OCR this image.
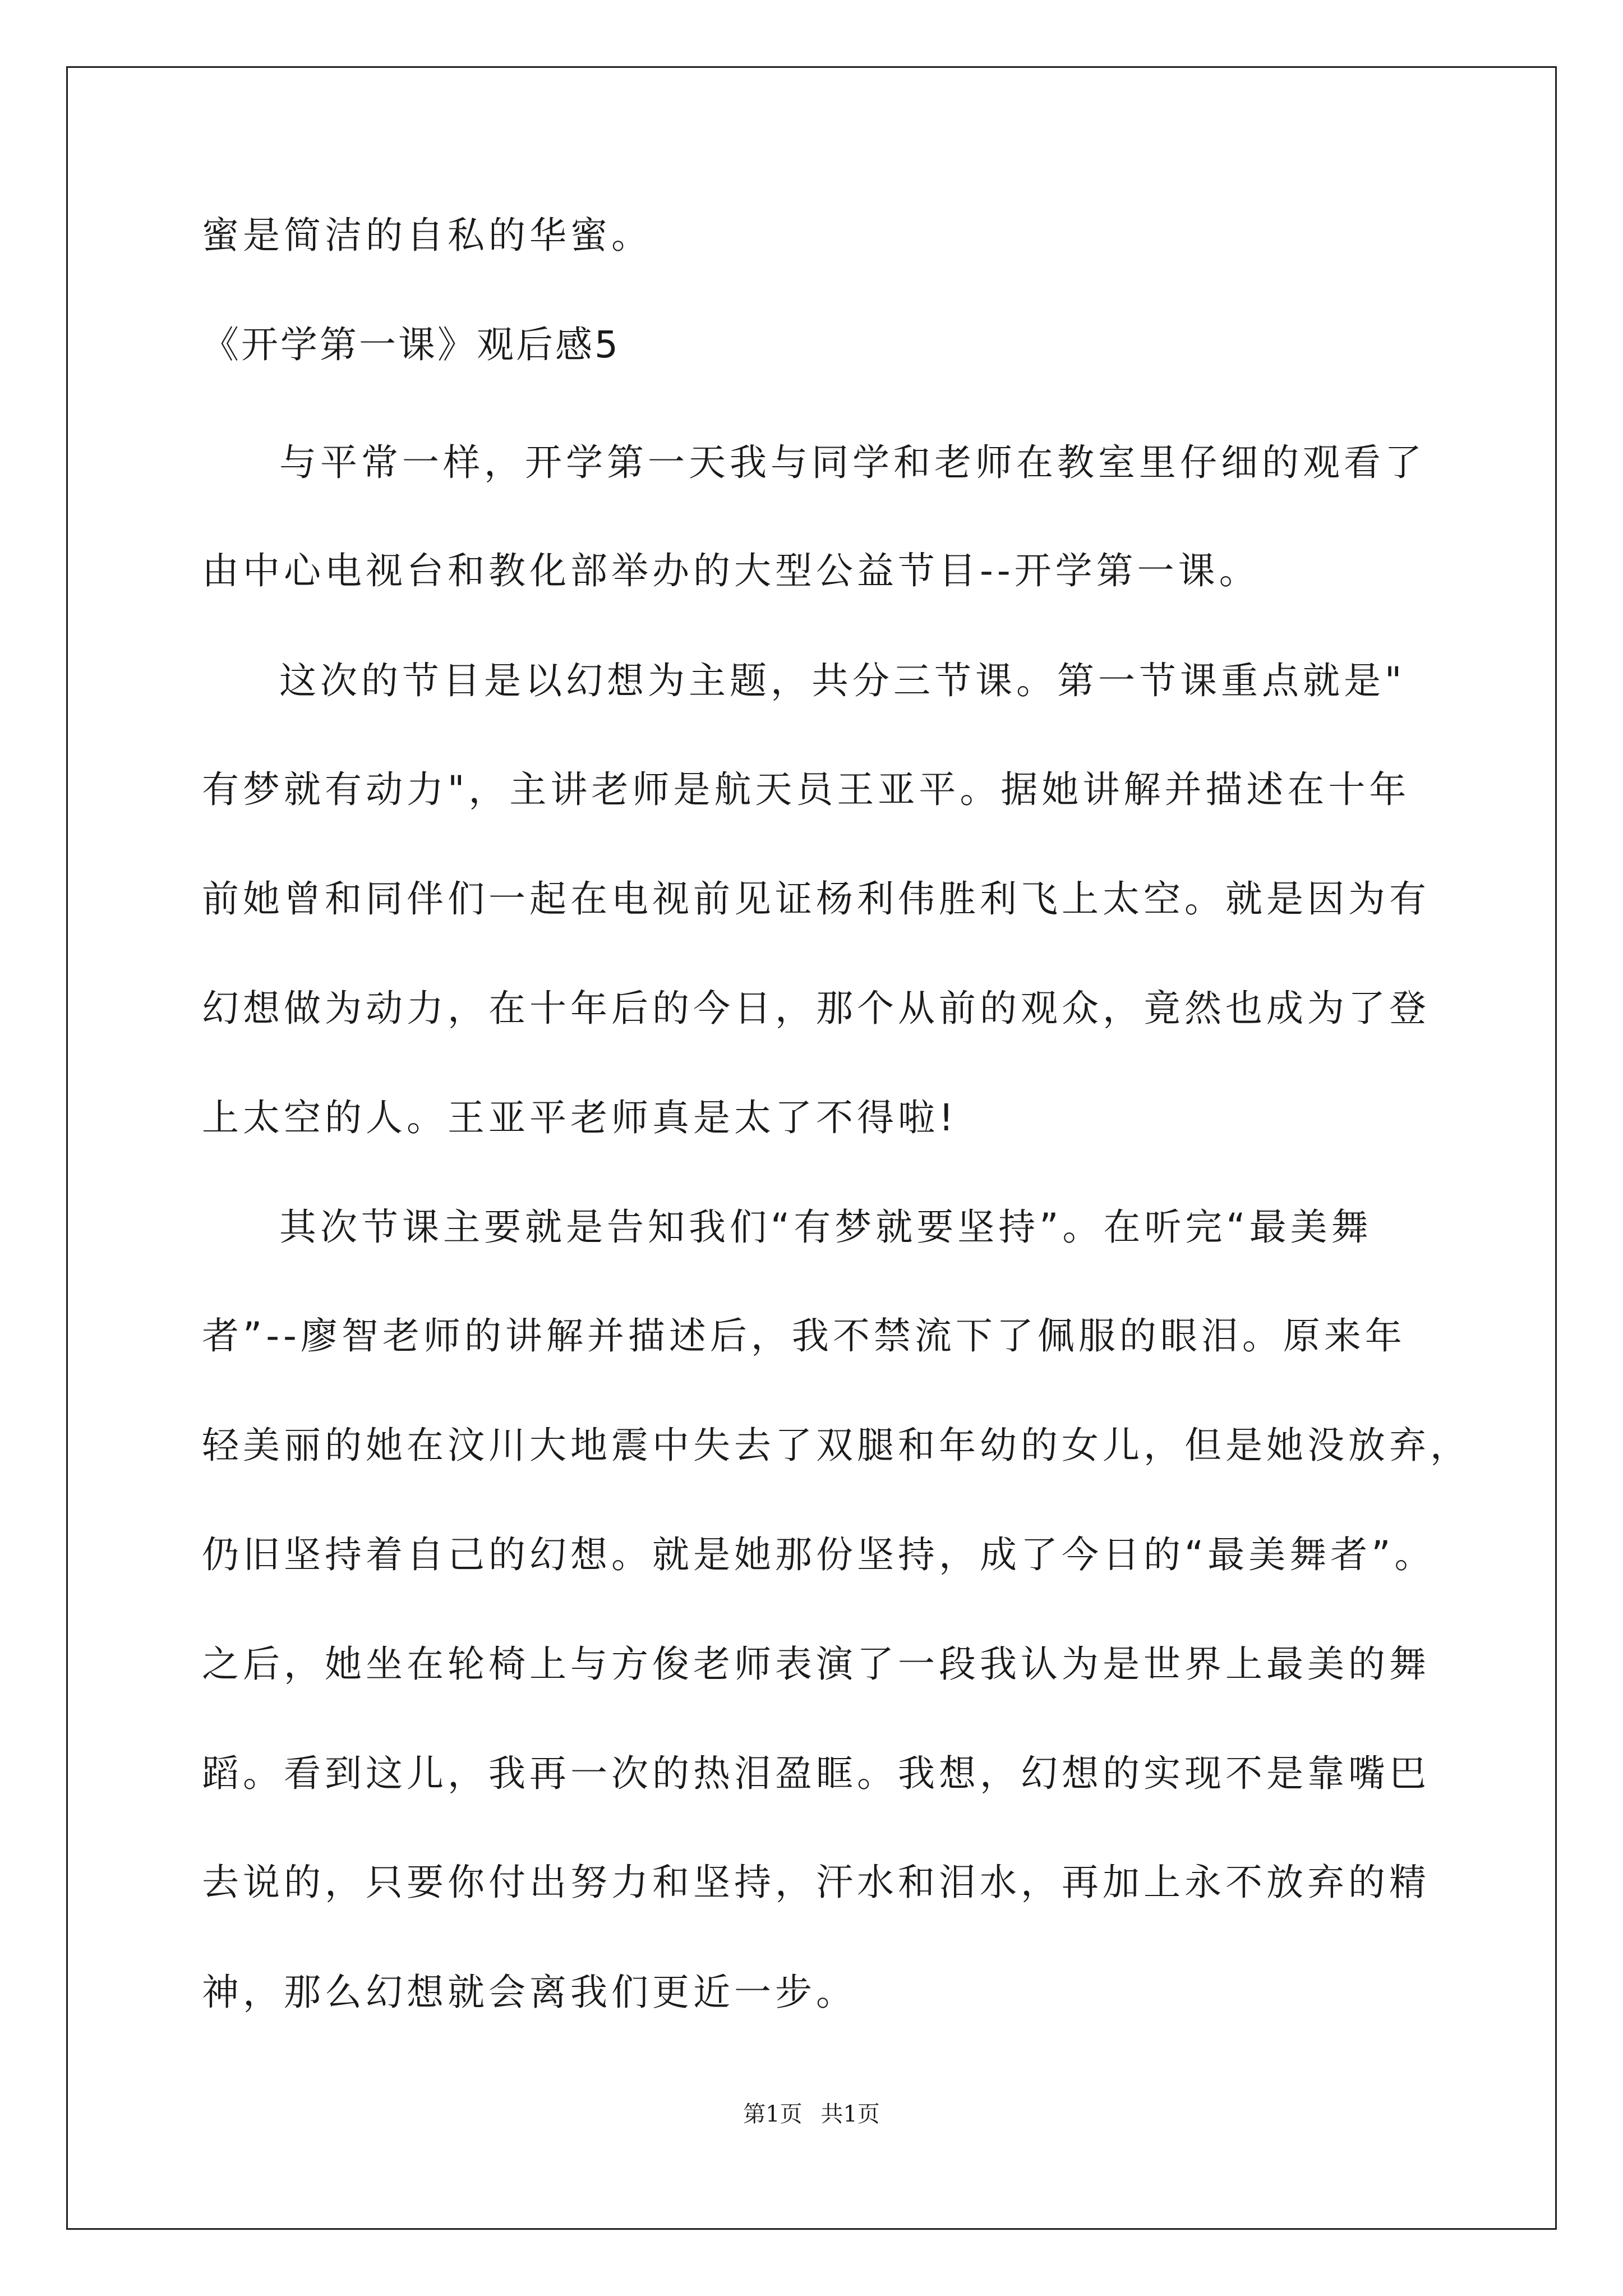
蜜是简洁的自私的华蜜。
《开学第一课》观后感5
与平常一样，开学第一天我与同学和老师在教室里仔细的观看了
由中心电视台和教化部举办的大型公益节目--开学第一课。
这次的节目是以幻想为主题，共分三节课。第一节课重点就是"
有梦就有动力"，主讲老师是航天员王亚平。据她讲解并描述在十年
前她曾和同伴们一起在电视前见证杨利伟胜利飞上太空。就是因为有
幻想做为动力，在十年后的今日，那个从前的观众，竟然也成为了登
上太空的人。王亚平老师真是太了不得啦!
其次节课主要就是告知我们“有梦就要坚持”。在听完“最美舞
者”--廖智老师的讲解并描述后，我不禁流下了佩服的眼泪。原来年
轻美丽的她在汶川大地震中失去了双腿和年幼的女儿，但是她没放弃，
仍旧坚持着自己的幻想。就是她那份坚持，成了今日的“最美舞者”。
之后，她坐在轮椅上与方俊老师表演了一段我认为是世界上最美的舞
蹈。看到这儿，我再一次的热泪盈眶。我想，幻想的实现不是靠嘴巴
去说的，只要你付出努力和坚持，汗水和泪水，再加上永不放弃的精
神，那么幻想就会离我们更近一步。
第1页 共1页
